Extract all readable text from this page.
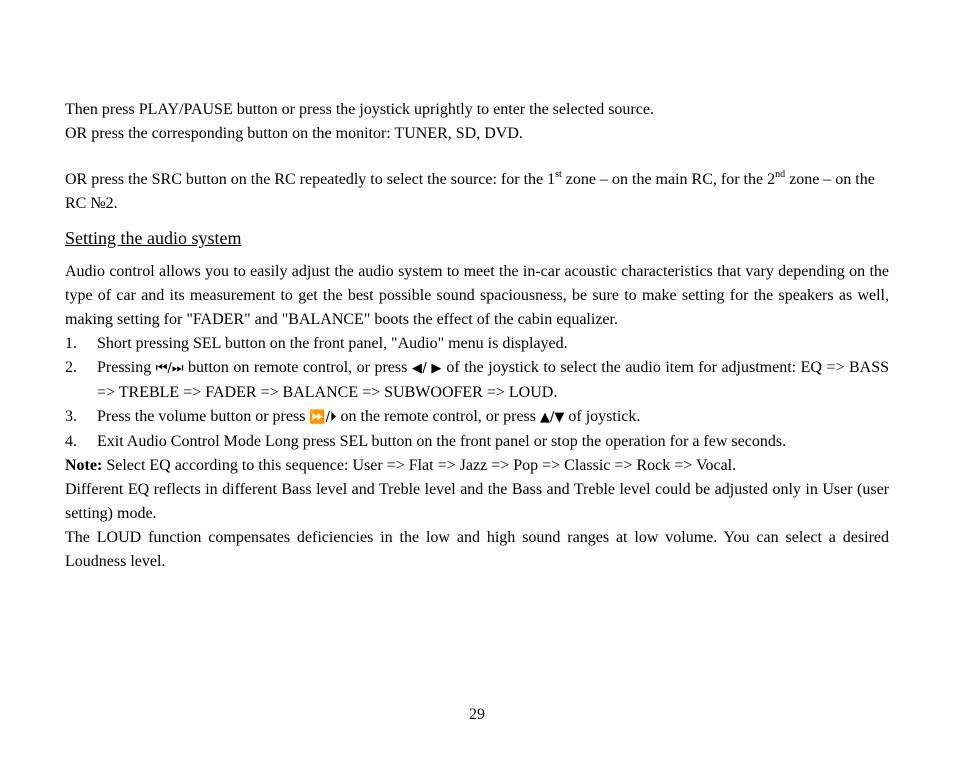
Then press PLAY/PAUSE button or press the joystick uprightly to enter the selected source.

OR press the corresponding button on the monitor: TUNER, SD, DVD.

OR press the SRC button on the RC repeatedly to select the source: for the 1st zone – on the main RC, for the 2nd zone – on the RC №2.

Setting the audio system

Audio control allows you to easily adjust the audio system to meet the in-car acoustic characteristics that vary depending on the type of car and its measurement to get the best possible sound spaciousness, be sure to make setting for the speakers as well, making setting for "FADER" and "BALANCE" boots the effect of the cabin equalizer.

1.	Short pressing SEL button on the front panel, "Audio" menu is displayed.
2.	Pressing ⏮/⏭ button on remote control, or press ◀/ ▶ of the joystick to select the audio item for adjustment: EQ => BASS => TREBLE => FADER => BALANCE => SUBWOOFER => LOUD.
3.	Press the volume button or press ⏩/⏵ on the remote control, or press ▲/▼ of joystick.
4.	Exit Audio Control Mode Long press SEL button on the front panel or stop the operation for a few seconds.

Note: Select EQ according to this sequence: User => Flat => Jazz => Pop => Classic => Rock => Vocal.

Different EQ reflects in different Bass level and Treble level and the Bass and Treble level could be adjusted only in User (user setting) mode.

The LOUD function compensates deficiencies in the low and high sound ranges at low volume. You can select a desired Loudness level.

29
